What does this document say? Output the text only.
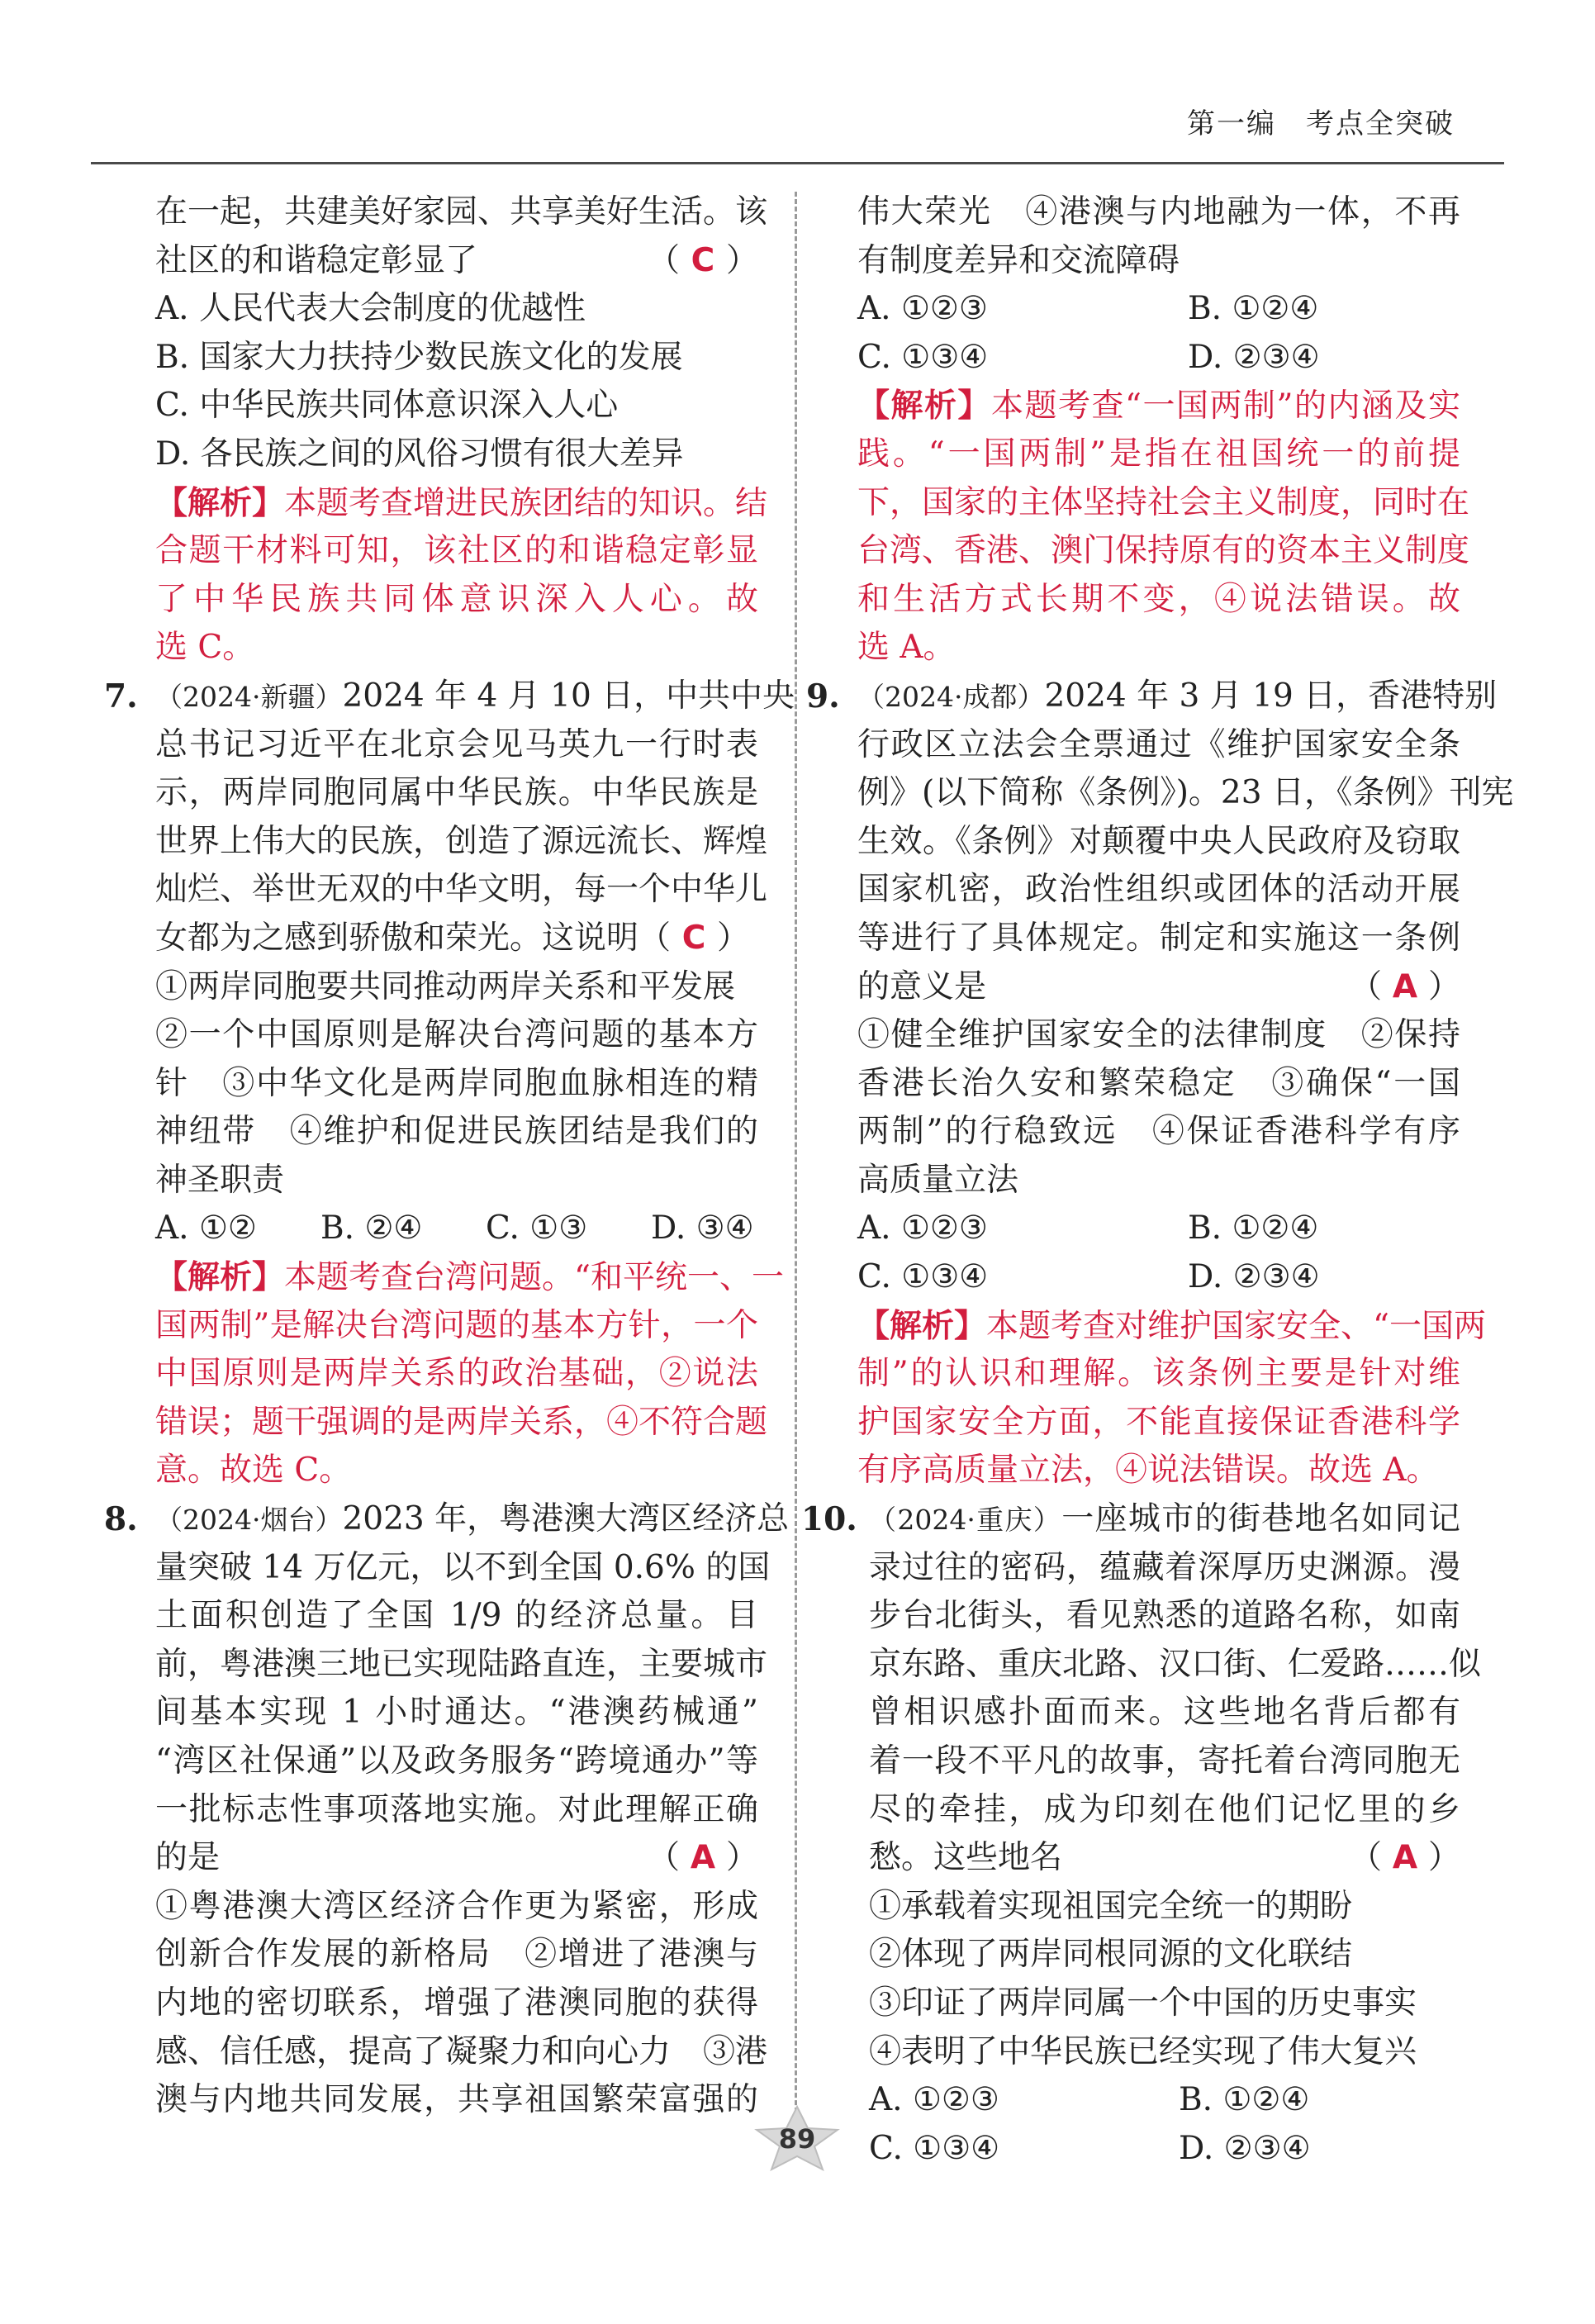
第一编　 考点全突破
在一起，共建美好家园、共享美好生活。该
社区的和谐稳定彰显了	（ C ）
A. 人民代表大会制度的优越性
B. 国家大力扶持少数民族文化的发展
C. 中华民族共同体意识深入人心
D. 各民族之间的风俗习惯有很大差异
【解析】本题考查增进民族团结的知识。结
合题干材料可知，该社区的和谐稳定彰显
了中华民族共同体意识深入人心。故
选 C。
7. （2024·新疆）2024 年 4 月 10 日，中共中央
总书记习近平在北京会见马英九一行时表
示，两岸同胞同属中华民族。中华民族是
世界上伟大的民族，创造了源远流长、辉煌
灿烂、举世无双的中华文明，每一个中华儿
女都为之感到骄傲和荣光。这说明（ C ）
①两岸同胞要共同推动两岸关系和平发展
②一个中国原则是解决台湾问题的基本方
针　③中华文化是两岸同胞血脉相连的精
神纽带　④维护和促进民族团结是我们的
神圣职责
A. ①②	B. ②④	C. ①③	D. ③④
【解析】本题考查台湾问题。“和平统一、一
国两制”是解决台湾问题的基本方针，一个
中国原则是两岸关系的政治基础，②说法
错误；题干强调的是两岸关系，④不符合题
意。故选 C。
8. （2024·烟台）2023 年，粤港澳大湾区经济总
量突破 14 万亿元，以不到全国 0.6% 的国
土面积创造了全国 1/9 的经济总量。目
前，粤港澳三地已实现陆路直连，主要城市
间基本实现 1 小时通达。“港澳药械通”
“湾区社保通”以及政务服务“跨境通办”等
一批标志性事项落地实施。对此理解正确
的是	（ A ）
①粤港澳大湾区经济合作更为紧密，形成
创新合作发展的新格局　②增进了港澳与
内地的密切联系，增强了港澳同胞的获得
感、信任感，提高了凝聚力和向心力　③港
澳与内地共同发展，共享祖国繁荣富强的
伟大荣光　④港澳与内地融为一体，不再
有制度差异和交流障碍
A. ①②③	B. ①②④
C. ①③④	D. ②③④
【解析】本题考查“一国两制”的内涵及实
践。“一国两制”是指在祖国统一的前提
下，国家的主体坚持社会主义制度，同时在
台湾、香港、澳门保持原有的资本主义制度
和生活方式长期不变，④说法错误。故
选 A。
9. （2024·成都）2024 年 3 月 19 日，香港特别
行政区立法会全票通过《维护国家安全条
例》(以下简称《条例》)。23 日，《条例》刊宪
生效。《条例》对颠覆中央人民政府及窃取
国家机密，政治性组织或团体的活动开展
等进行了具体规定。制定和实施这一条例
的意义是	（ A ）
①健全维护国家安全的法律制度　②保持
香港长治久安和繁荣稳定　③确保“一国
两制”的行稳致远　④保证香港科学有序
高质量立法
A. ①②③	B. ①②④
C. ①③④	D. ②③④
【解析】本题考查对维护国家安全、“一国两
制”的认识和理解。该条例主要是针对维
护国家安全方面，不能直接保证香港科学
有序高质量立法，④说法错误。故选 A。
10. （2024·重庆）一座城市的街巷地名如同记
录过往的密码，蕴藏着深厚历史渊源。漫
步台北街头，看见熟悉的道路名称，如南
京东路、重庆北路、汉口街、仁爱路……似
曾相识感扑面而来。这些地名背后都有
着一段不平凡的故事，寄托着台湾同胞无
尽的牵挂，成为印刻在他们记忆里的乡
愁。这些地名	（ A ）
①承载着实现祖国完全统一的期盼
②体现了两岸同根同源的文化联结
③印证了两岸同属一个中国的历史事实
④表明了中华民族已经实现了伟大复兴
A. ①②③	B. ①②④
C. ①③④	D. ②③④
89
